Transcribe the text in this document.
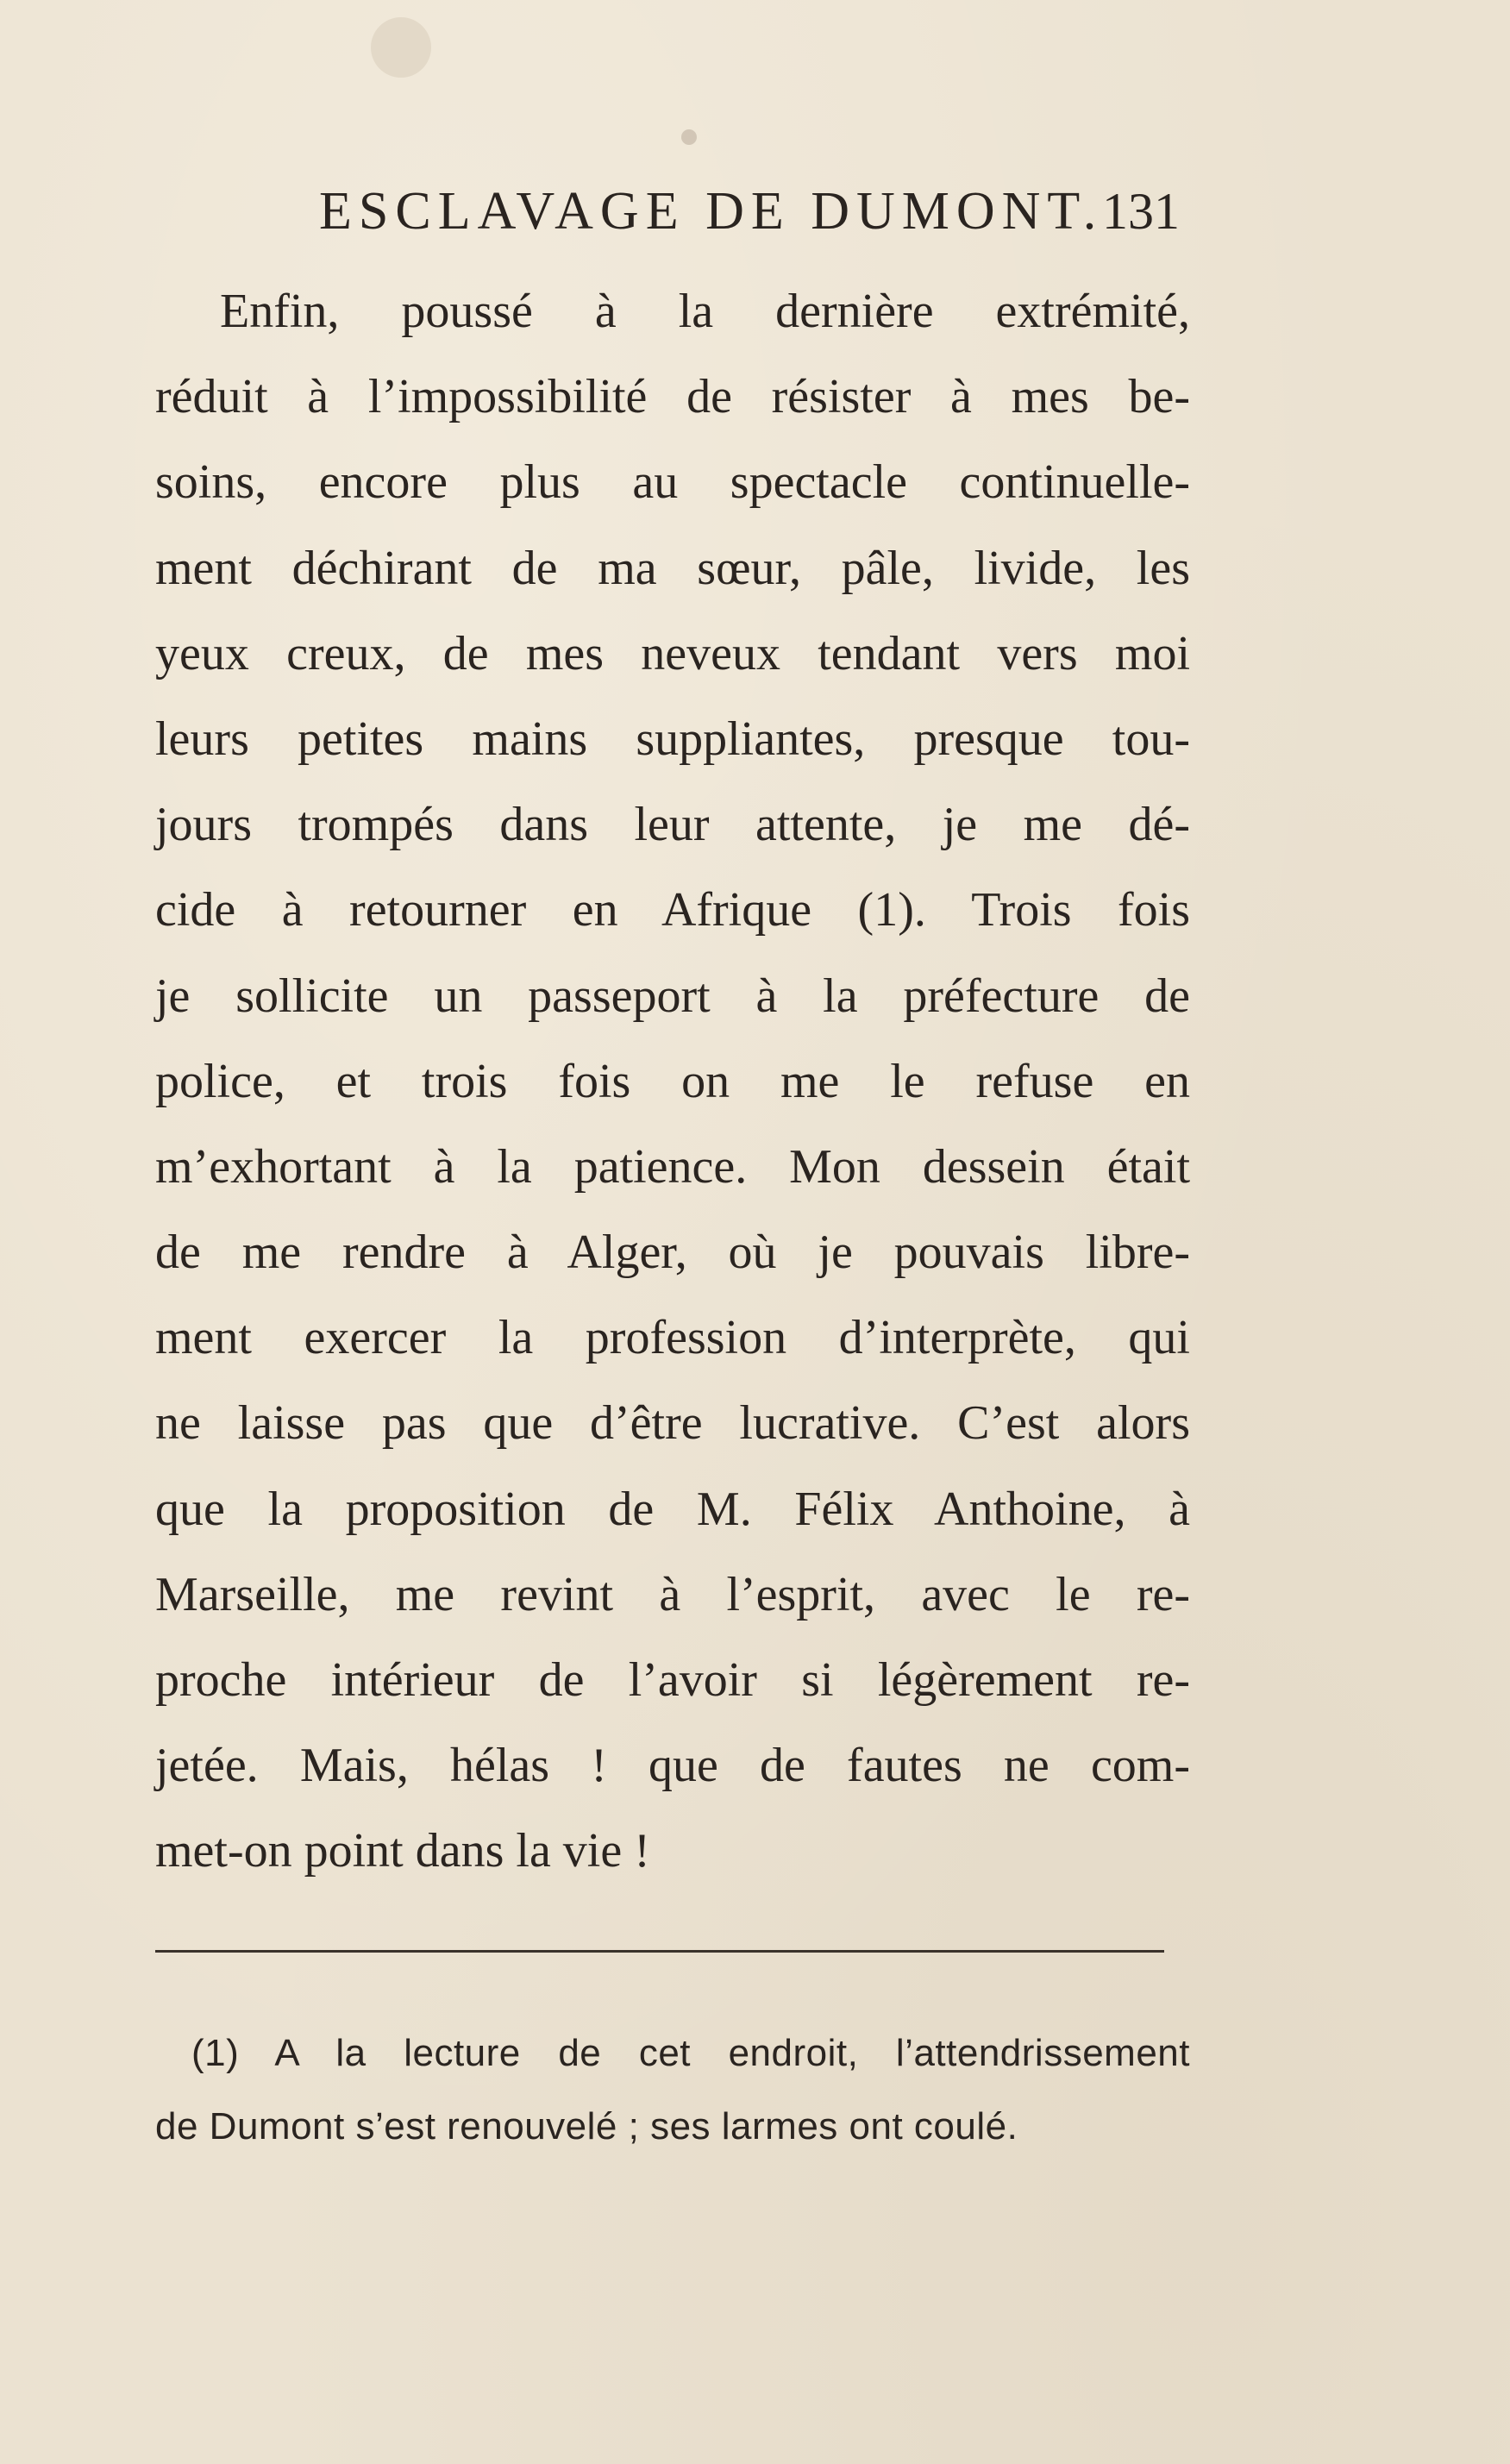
ESCLAVAGE DE DUMONT.
131
Enfin, poussé à la dernière extrémité,
réduit à l’impossibilité de résister à mes be-
soins, encore plus au spectacle continuelle-
ment déchirant de ma sœur, pâle, livide, les
yeux creux, de mes neveux tendant vers moi
leurs petites mains suppliantes, presque tou-
jours trompés dans leur attente, je me dé-
cide à retourner en Afrique (1). Trois fois
je sollicite un passeport à la préfecture de
police, et trois fois on me le refuse en
m’exhortant à la patience. Mon dessein était
de me rendre à Alger, où je pouvais libre-
ment exercer la profession d’interprète, qui
ne laisse pas que d’être lucrative. C’est alors
que la proposition de M. Félix Anthoine, à
Marseille, me revint à l’esprit, avec le re-
proche intérieur de l’avoir si légèrement re-
jetée. Mais, hélas ! que de fautes ne com-
met-on point dans la vie !
(1) A la lecture de cet endroit, l’attendrissement
de Dumont s’est renouvelé ; ses larmes ont coulé.
